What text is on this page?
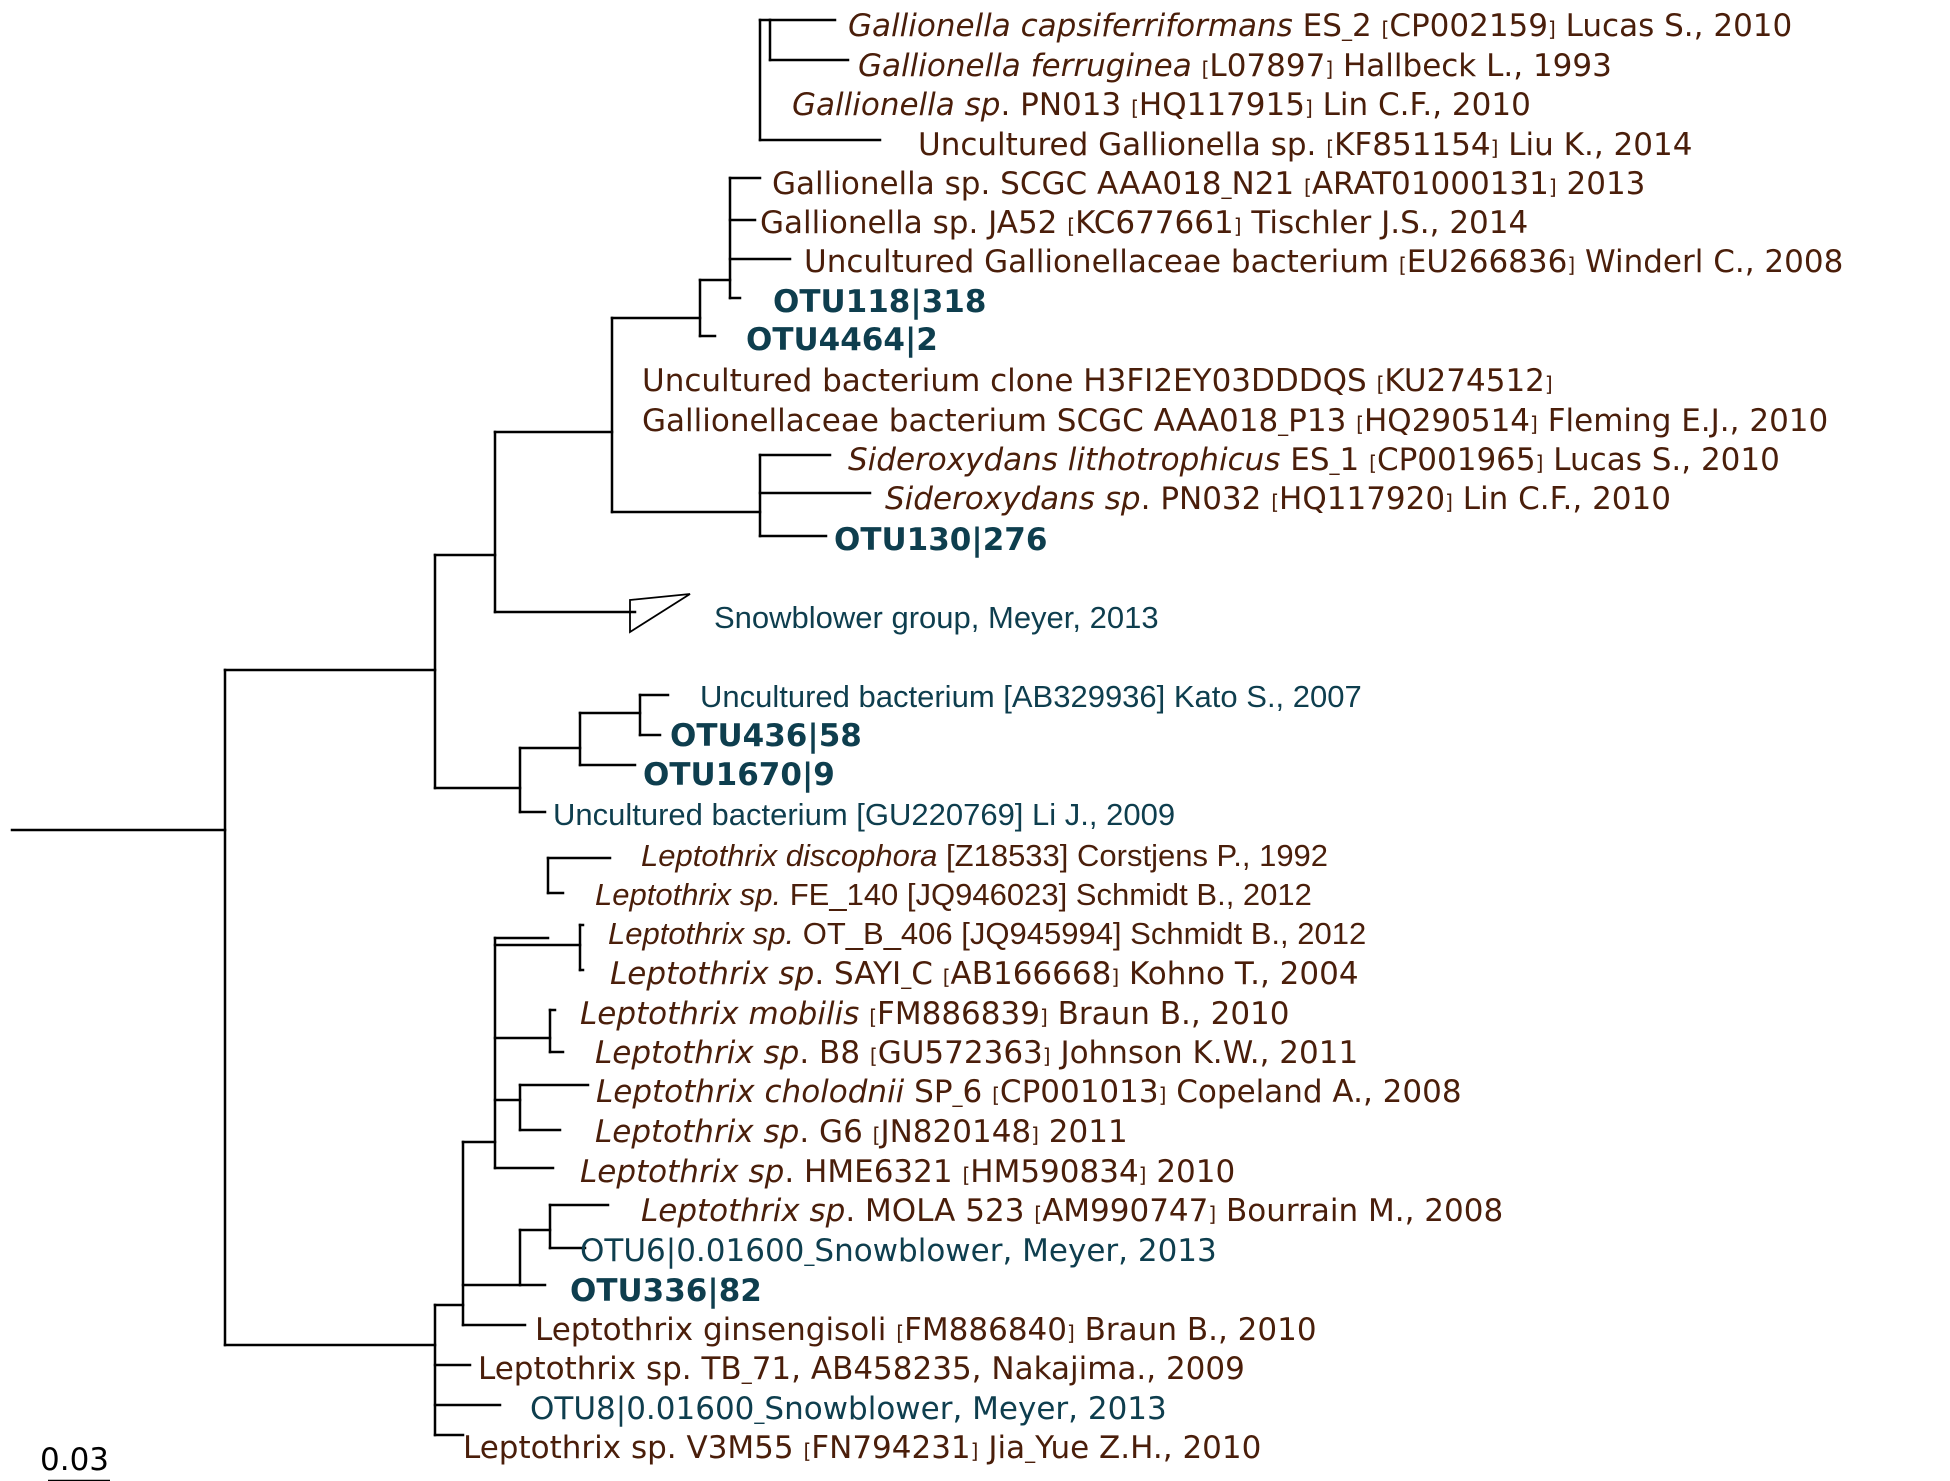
Gallionella capsiferriformans ES_2 [CP002159] Lucas S., 2010
Gallionella ferruginea [L07897] Hallbeck L., 1993
Gallionella sp. PN013 [HQ117915] Lin C.F., 2010
Uncultured Gallionella sp. [KF851154] Liu K., 2014
Gallionella sp. SCGC AAA018_N21 [ARAT01000131] 2013
Gallionella sp. JA52 [KC677661] Tischler J.S., 2014
Uncultured Gallionellaceae bacterium [EU266836] Winderl C., 2008
OTU118|318
OTU4464|2
Uncultured bacterium clone H3FI2EY03DDDQS [KU274512]
Gallionellaceae bacterium SCGC AAA018_P13 [HQ290514] Fleming E.J., 2010
Sideroxydans lithotrophicus ES_1 [CP001965] Lucas S., 2010
Sideroxydans sp. PN032 [HQ117920] Lin C.F., 2010
OTU130|276
Snowblower group, Meyer, 2013
Uncultured bacterium [AB329936] Kato S., 2007
OTU436|58
OTU1670|9
Uncultured bacterium [GU220769] Li J., 2009
Leptothrix discophora [Z18533] Corstjens P., 1992
Leptothrix sp. FE_140 [JQ946023] Schmidt B., 2012
Leptothrix sp. OT_B_406 [JQ945994] Schmidt B., 2012
Leptothrix sp. SAYI_C [AB166668] Kohno T., 2004
Leptothrix mobilis [FM886839] Braun B., 2010
Leptothrix sp. B8 [GU572363] Johnson K.W., 2011
Leptothrix cholodnii SP_6 [CP001013] Copeland A., 2008
Leptothrix sp. G6 [JN820148] 2011
Leptothrix sp. HME6321 [HM590834] 2010
Leptothrix sp. MOLA 523 [AM990747] Bourrain M., 2008
OTU6|0.01600_Snowblower, Meyer, 2013
OTU336|82
Leptothrix ginsengisoli [FM886840] Braun B., 2010
Leptothrix sp. TB_71, AB458235, Nakajima., 2009
OTU8|0.01600_Snowblower, Meyer, 2013
Leptothrix sp. V3M55 [FN794231] Jia_Yue Z.H., 2010
0.03
